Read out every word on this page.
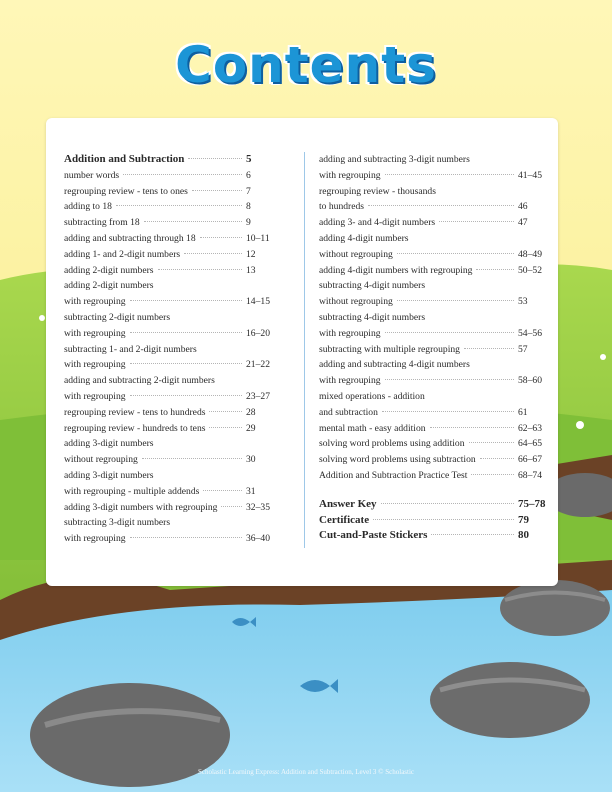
Contents
Addition and Subtraction	5
number words	6
regrouping review - tens to ones	7
adding to 18	8
subtracting from 18	9
adding and subtracting through 18	10–11
adding 1- and 2-digit numbers	12
adding 2-digit numbers	13
adding 2-digit numbers
with regrouping	14–15
subtracting 2-digit numbers
with regrouping	16–20
subtracting 1- and 2-digit numbers
with regrouping	21–22
adding and subtracting 2-digit numbers
with regrouping	23–27
regrouping review - tens to hundreds	28
regrouping review - hundreds to tens	29
adding 3-digit numbers
without regrouping	30
adding 3-digit numbers
with regrouping - multiple addends	31
adding 3-digit numbers with regrouping	32–35
subtracting 3-digit numbers
with regrouping	36–40
adding and subtracting 3-digit numbers
with regrouping	41–45
regrouping review - thousands
to hundreds	46
adding 3- and 4-digit numbers	47
adding 4-digit numbers
without regrouping	48–49
adding 4-digit numbers with regrouping	50–52
subtracting 4-digit numbers
without regrouping	53
subtracting 4-digit numbers
with regrouping	54–56
subtracting with multiple regrouping	57
adding and subtracting 4-digit numbers
with regrouping	58–60
mixed operations - addition
and subtraction	61
mental math - easy addition	62–63
solving word problems using addition	64–65
solving word problems using subtraction	66–67
Addition and Subtraction Practice Test	68–74
Answer Key	75–78
Certificate	79
Cut-and-Paste Stickers	80
Scholastic Learning Express: Addition and Subtraction, Level 3 © Scholastic
